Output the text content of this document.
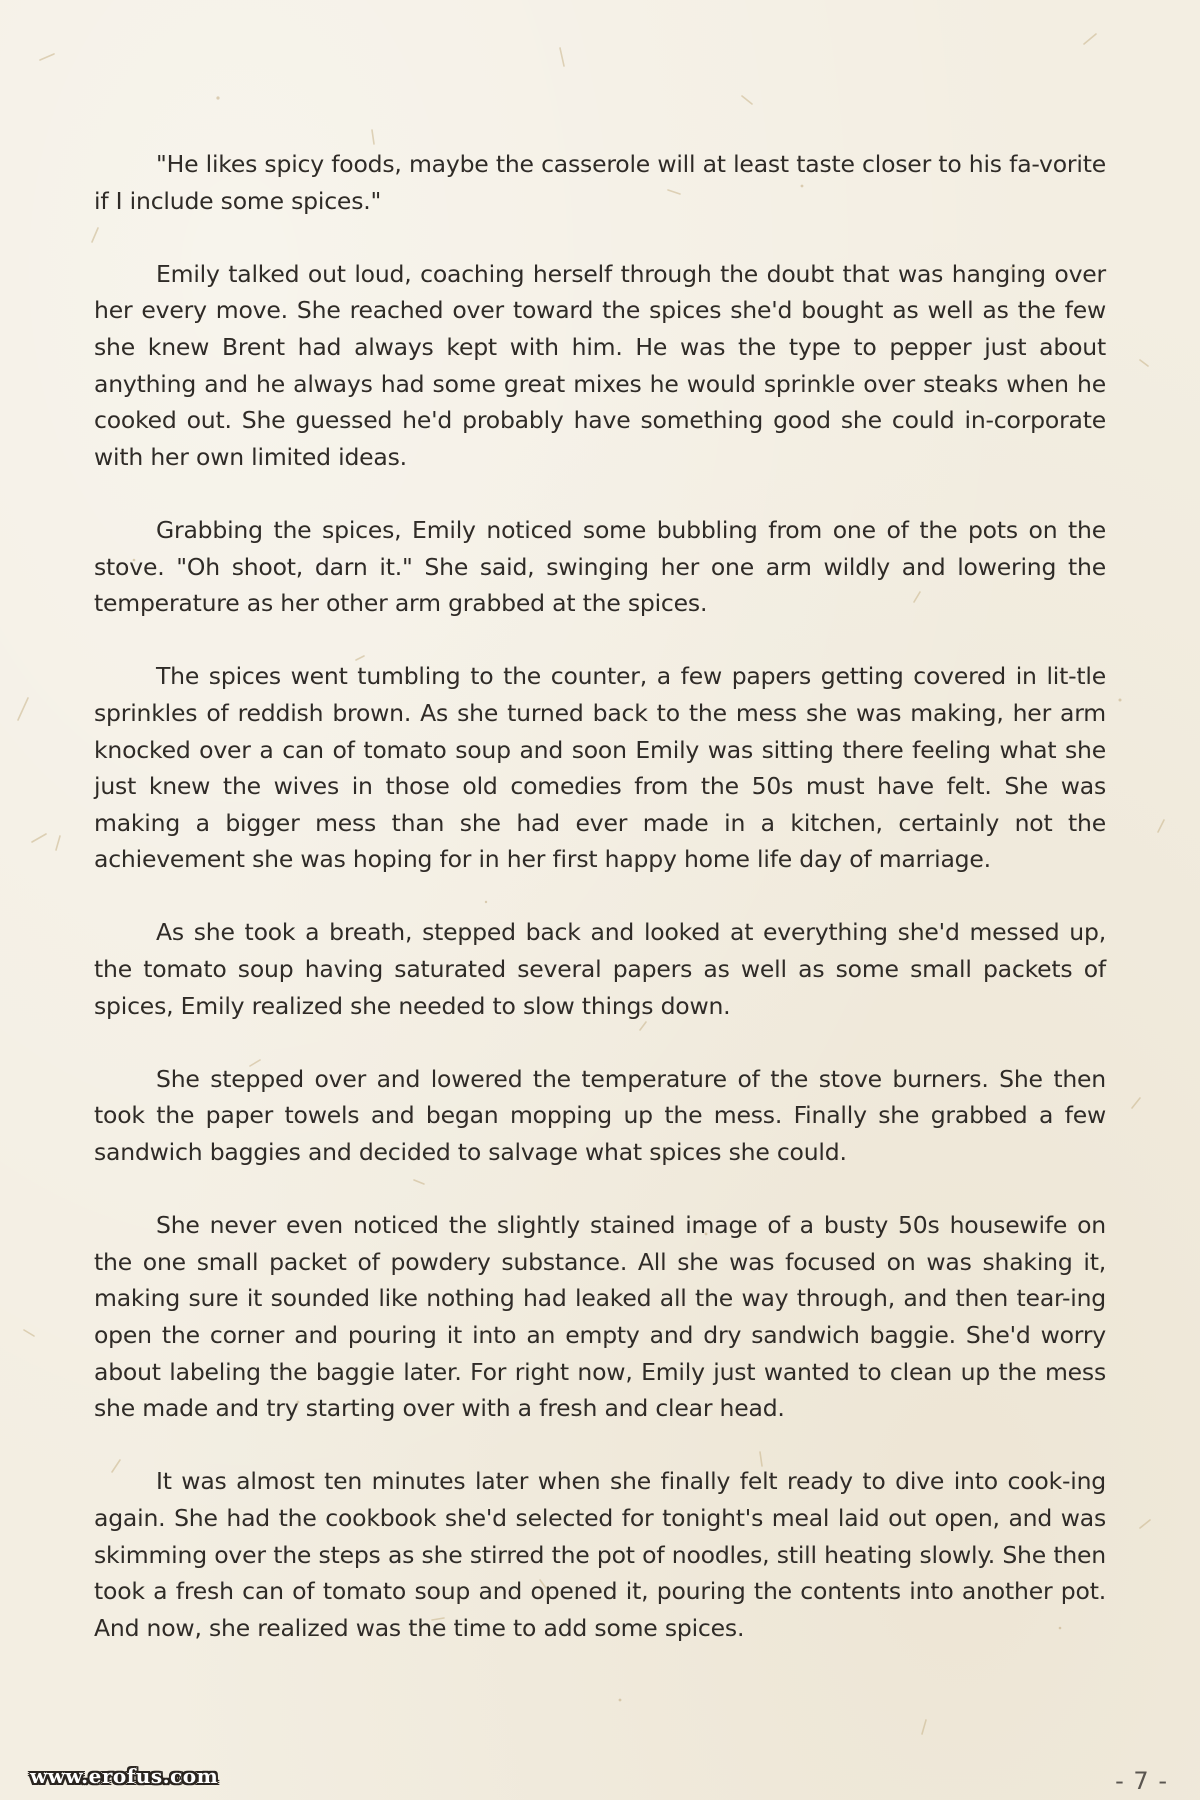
"He likes spicy foods, maybe the casserole will at least taste closer to his fa-vorite if I include some spices."

Emily talked out loud, coaching herself through the doubt that was hanging over her every move. She reached over toward the spices she'd bought as well as the few she knew Brent had always kept with him. He was the type to pepper just about anything and he always had some great mixes he would sprinkle over steaks when he cooked out. She guessed he'd probably have something good she could in-corporate with her own limited ideas.

Grabbing the spices, Emily noticed some bubbling from one of the pots on the stove. "Oh shoot, darn it." She said, swinging her one arm wildly and lowering the temperature as her other arm grabbed at the spices.

The spices went tumbling to the counter, a few papers getting covered in lit-tle sprinkles of reddish brown. As she turned back to the mess she was making, her arm knocked over a can of tomato soup and soon Emily was sitting there feeling what she just knew the wives in those old comedies from the 50s must have felt. She was making a bigger mess than she had ever made in a kitchen, certainly not the achievement she was hoping for in her first happy home life day of marriage.

As she took a breath, stepped back and looked at everything she'd messed up, the tomato soup having saturated several papers as well as some small packets of spices, Emily realized she needed to slow things down.

She stepped over and lowered the temperature of the stove burners. She then took the paper towels and began mopping up the mess. Finally she grabbed a few sandwich baggies and decided to salvage what spices she could.

She never even noticed the slightly stained image of a busty 50s housewife on the one small packet of powdery substance. All she was focused on was shaking it, making sure it sounded like nothing had leaked all the way through, and then tear-ing open the corner and pouring it into an empty and dry sandwich baggie. She'd worry about labeling the baggie later. For right now, Emily just wanted to clean up the mess she made and try starting over with a fresh and clear head.

It was almost ten minutes later when she finally felt ready to dive into cook-ing again. She had the cookbook she'd selected for tonight's meal laid out open, and was skimming over the steps as she stirred the pot of noodles, still heating slowly. She then took a fresh can of tomato soup and opened it, pouring the contents into another pot. And now, she realized was the time to add some spices.

www.erofus.com	- 7 -
